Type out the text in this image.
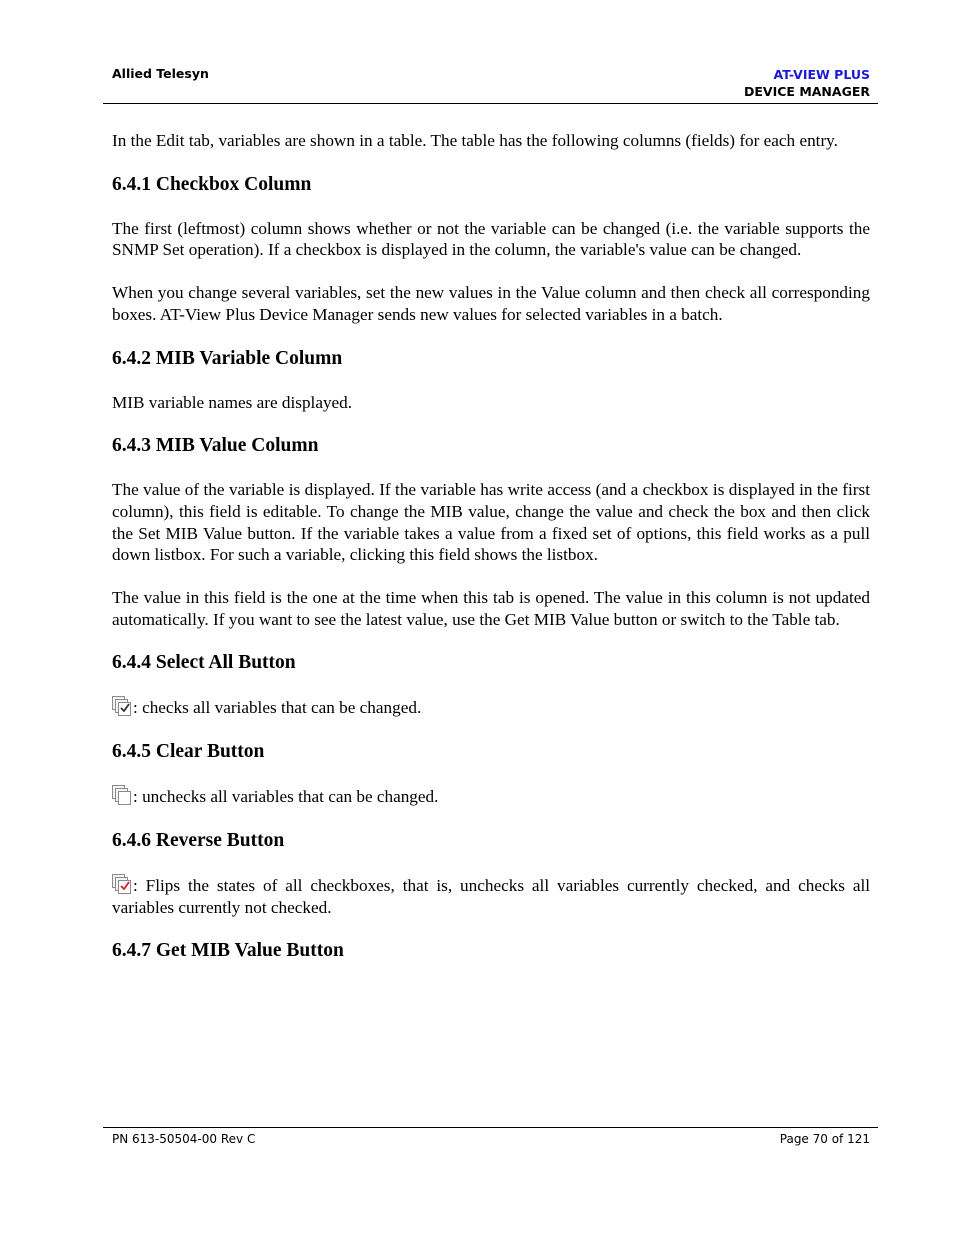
Allied Telesyn	AT-VIEW PLUS
DEVICE MANAGER

In the Edit tab, variables are shown in a table. The table has the following columns (fields) for each entry.

6.4.1 Checkbox Column

The first (leftmost) column shows whether or not the variable can be changed (i.e. the variable supports the SNMP Set operation). If a checkbox is displayed in the column, the variable's value can be changed.

When you change several variables, set the new values in the Value column and then check all corresponding boxes. AT-View Plus Device Manager sends new values for selected variables in a batch.

6.4.2 MIB Variable Column

MIB variable names are displayed.

6.4.3 MIB Value Column

The value of the variable is displayed. If the variable has write access (and a checkbox is displayed in the first column), this field is editable. To change the MIB value, change the value and check the box and then click the Set MIB Value button. If the variable takes a value from a fixed set of options, this field works as a pull down listbox. For such a variable, clicking this field shows the listbox.

The value in this field is the one at the time when this tab is opened. The value in this column is not updated automatically. If you want to see the latest value, use the Get MIB Value button or switch to the Table tab.

6.4.4 Select All Button

: checks all variables that can be changed.

6.4.5 Clear Button

: unchecks all variables that can be changed.

6.4.6 Reverse Button

: Flips the states of all checkboxes, that is, unchecks all variables currently checked, and checks all variables currently not checked.

6.4.7 Get MIB Value Button
PN 613-50504-00 Rev C	Page 70 of 121
